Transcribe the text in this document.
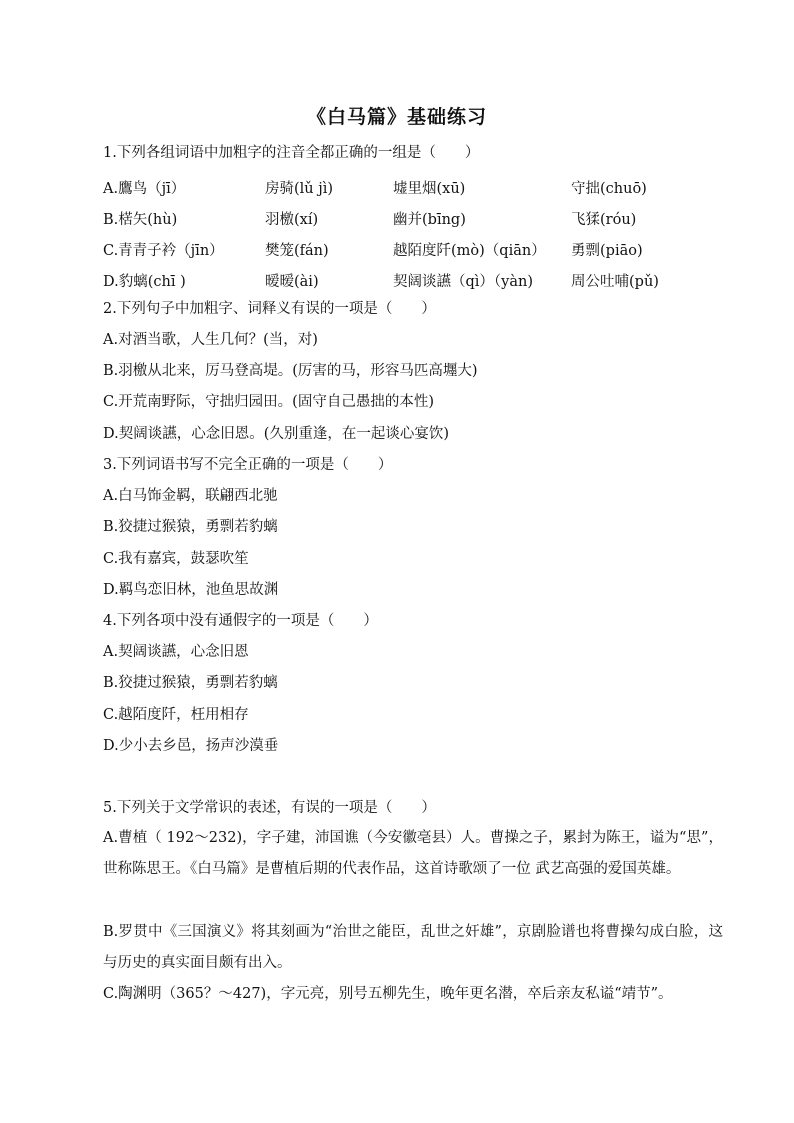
《白马篇》基础练习
1.下列各组词语中加粗字的注音全都正确的一组是（　　）
A.鷹鸟（jī）	房骑(lǔ jì)	墟里烟(xū)	守拙(chuō)
B.楛矢(hù)	羽檄(xí)	幽并(bīng)	飞猱(róu)
C.青青子衿（jīn）	樊笼(fán)	越陌度阡(mò)（qiān） 勇剽(piāo)
D.豹螭(chī )	暧暧(ài)	契阔谈讌（qì）（yàn)	周公吐哺(pǔ)
2.下列句子中加粗字、词释义有误的一项是（　　）
A.对酒当歌，人生几何？(当，对)
B.羽檄从北来，厉马登高堤。(厉害的马，形容马匹高壥大)
C.开荒南野际，守拙归园田。(固守自己愚拙的本性)
D.契阔谈讌，心念旧恩。(久别重逢，在一起谈心宴饮)
3.下列词语书写不完全正确的一项是（　　）
A.白马饰金羁，联翩西北驰
B.狡捷过猴猿，勇剽若豹螭
C.我有嘉宾，鼓瑟吹笙
D.羁鸟恋旧林，池鱼思故渊
4.下列各项中没有通假字的一项是（　　）
A.契阔谈讌，心念旧恩
B.狡捷过猴猿，勇剽若豹螭
C.越陌度阡，枉用相存
D.少小去乡邑，扬声沙漠垂
5.下列关于文学常识的表述，有误的一项是（　　）
A.曹植（ 192～232)，字子建，沛国谯（今安徽亳县）人。曹操之子，累封为陈王，谥为“思”，世称陈思王。《白马篇》是曹植后期的代表作品，这首诗歌颂了一位 武艺高强的爱国英雄。
B.罗贯中《三国演义》将其刻画为“治世之能臣，乱世之奸雄”，京剧脸谱也将曹操勾成白脸，这与历史的真实面目颇有出入。
C.陶渊明（365？～427)，字元亮，别号五柳先生，晚年更名潜，卒后亲友私谥“靖节”。
